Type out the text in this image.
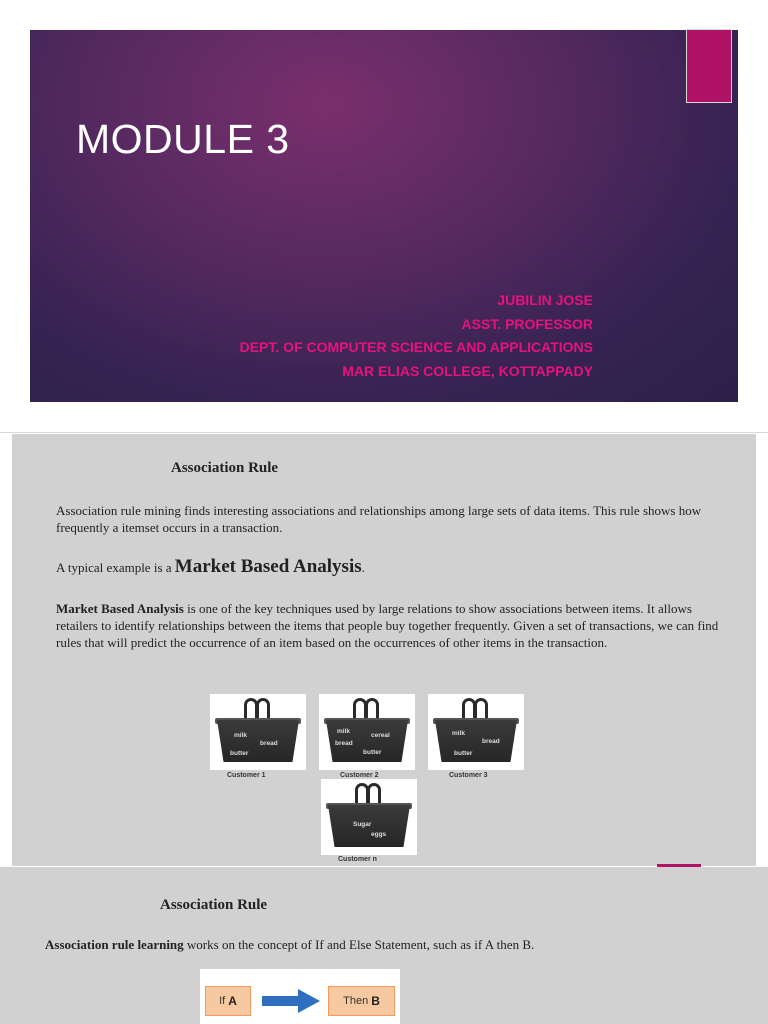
MODULE 3
JUBILIN JOSE
ASST. PROFESSOR
DEPT. OF COMPUTER SCIENCE AND APPLICATIONS
MAR ELIAS COLLEGE, KOTTAPPADY
Association Rule

Association rule mining finds interesting associations and relationships among large sets of data items. This rule shows how frequently a itemset occurs in a transaction.

A typical example is a Market Based Analysis.

Market Based Analysis is one of the key techniques used by large relations to show associations between items. It allows retailers to identify relationships between the items that people buy together frequently. Given a set of transactions, we can find rules that will predict the occurrence of an item based on the occurrences of other items in the transaction.

milk
bread
butter
Customer 1
milk
cereal
bread
butter
Customer 2
milk
bread
butter
Customer 3
Sugar
eggs
Customer n
Association Rule

Association rule learning works on the concept of If and Else Statement, such as if A then B.

If A	Then B
